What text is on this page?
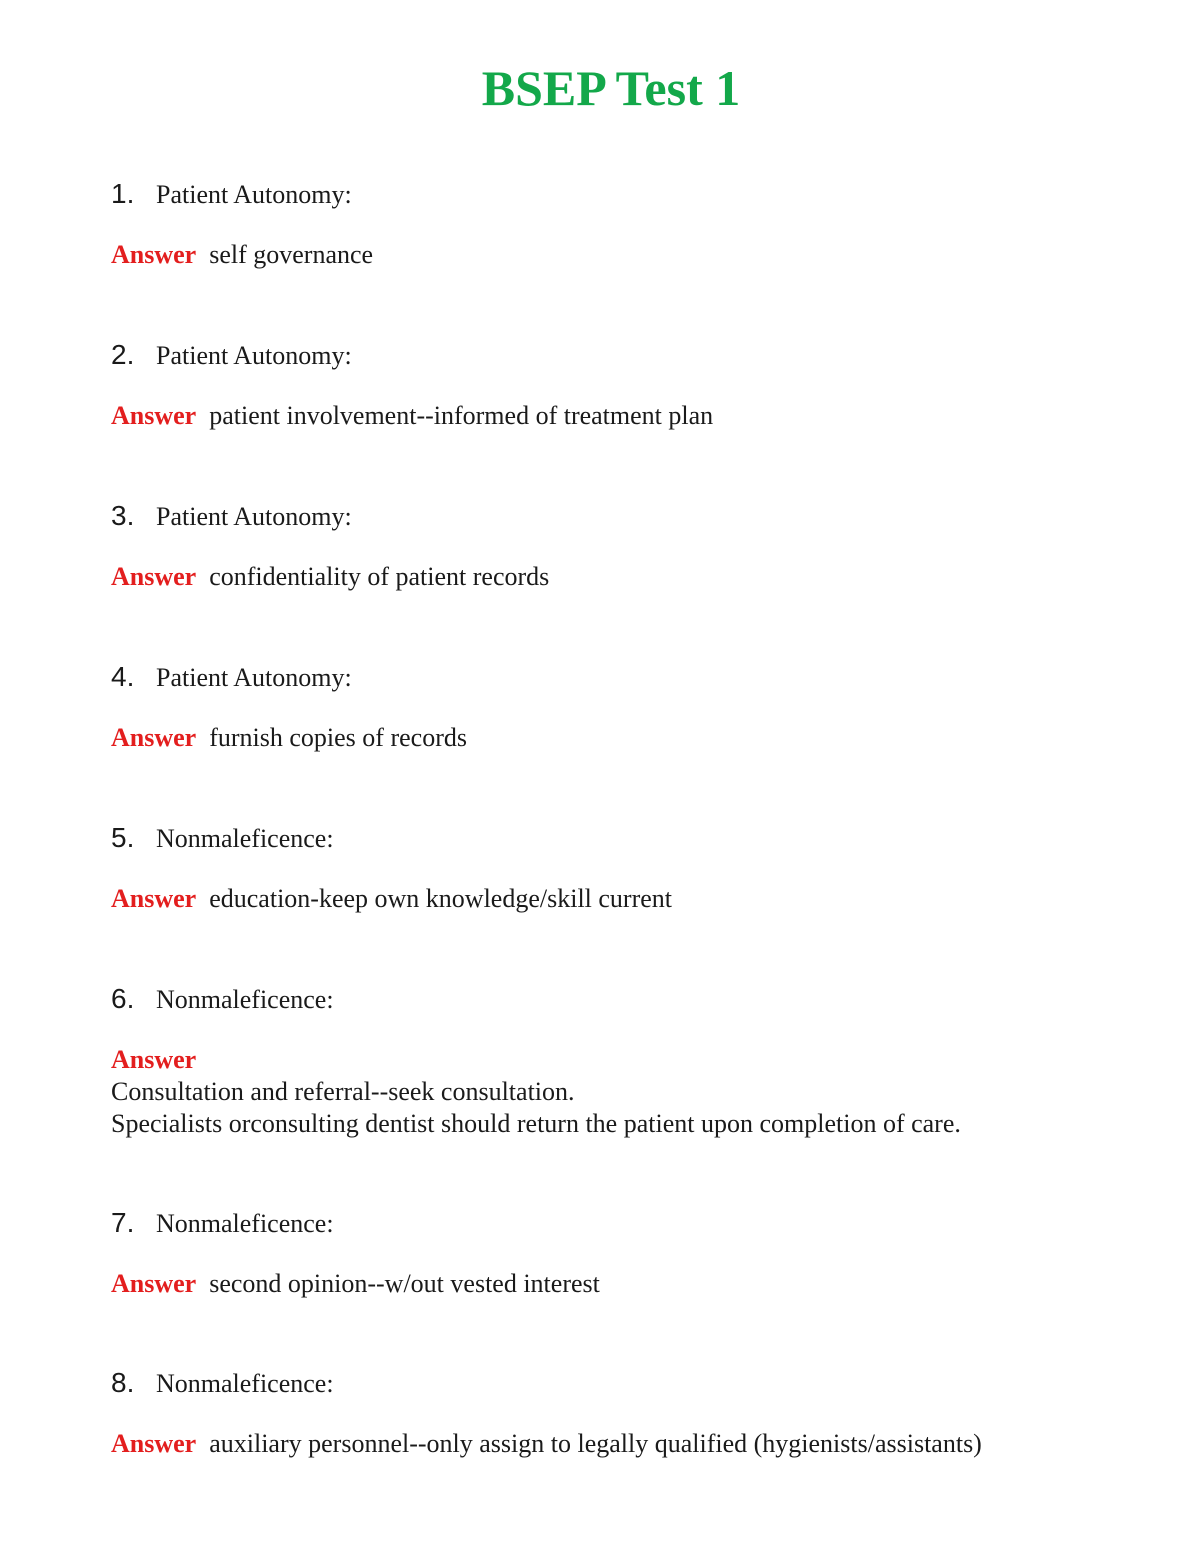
BSEP Test 1
1. Patient Autonomy:
Answer self governance
2. Patient Autonomy:
Answer patient involvement--informed of treatment plan
3. Patient Autonomy:
Answer confidentiality of patient records
4. Patient Autonomy:
Answer furnish copies of records
5. Nonmaleficence:
Answer education-keep own knowledge/skill current
6. Nonmaleficence:
Answer
Consultation and referral--seek consultation.
Specialists orconsulting dentist should return the patient upon completion of care.
7. Nonmaleficence:
Answer second opinion--w/out vested interest
8. Nonmaleficence:
Answer auxiliary personnel--only assign to legally qualified (hygienists/assistants)
